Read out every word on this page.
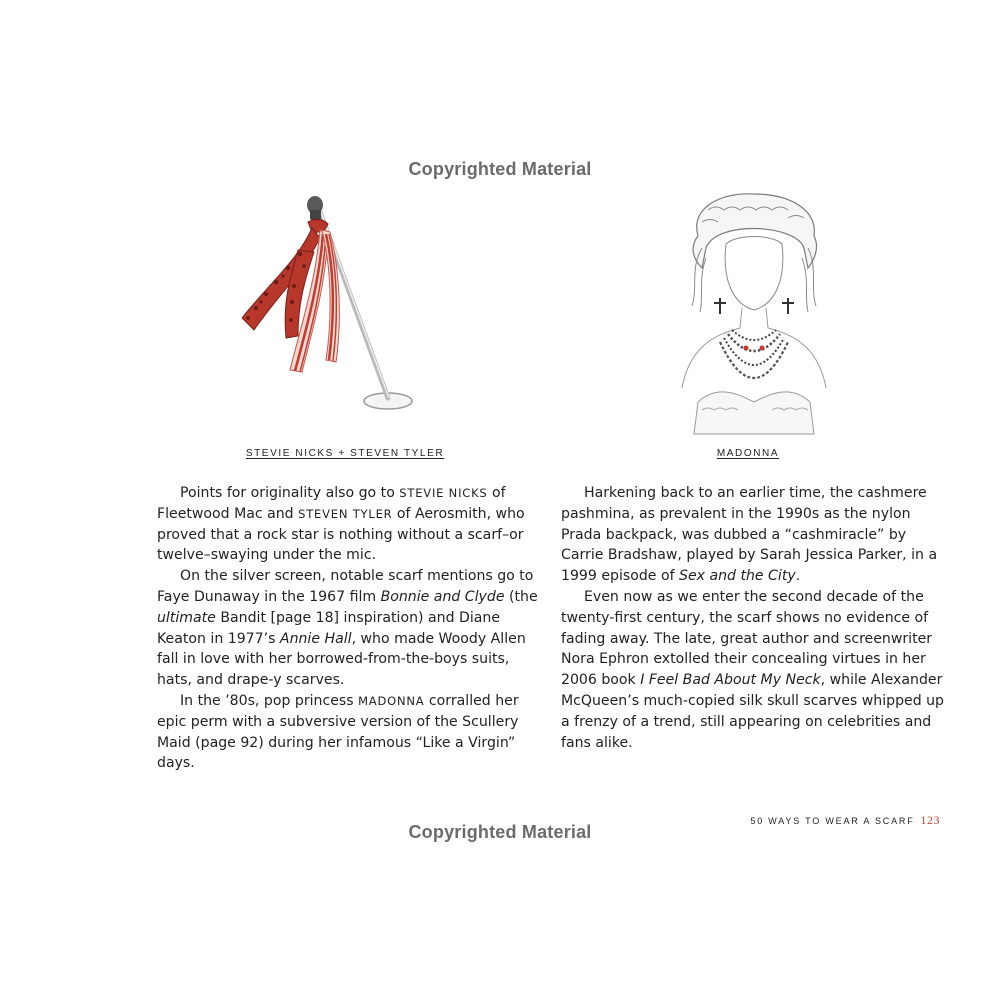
Copyrighted Material
STEVIE NICKS + STEVEN TYLER	MADONNA

Points for originality also go to STEVIE NICKS of Fleetwood Mac and STEVEN TYLER of Aerosmith, who proved that a rock star is nothing without a scarf–or twelve–swaying under the mic.

On the silver screen, notable scarf mentions go to Faye Dunaway in the 1967 film Bonnie and Clyde (the ultimate Bandit [page 18] inspiration) and Diane Keaton in 1977’s Annie Hall, who made Woody Allen fall in love with her borrowed-from-the-boys suits, hats, and drape-y scarves.

In the ’80s, pop princess MADONNA corralled her epic perm with a subversive version of the Scullery Maid (page 92) during her infamous “Like a Virgin” days.

Harkening back to an earlier time, the cashmere pashmina, as prevalent in the 1990s as the nylon Prada backpack, was dubbed a “cashmiracle” by Carrie Bradshaw, played by Sarah Jessica Parker, in a 1999 episode of Sex and the City.

Even now as we enter the second decade of the twenty-first century, the scarf shows no evidence of fading away. The late, great author and screenwriter Nora Ephron extolled their concealing virtues in her 2006 book I Feel Bad About My Neck, while Alexander McQueen’s much-copied silk skull scarves whipped up a frenzy of a trend, still appearing on celebrities and fans alike.

50 WAYS TO WEAR A SCARF 123
Copyrighted Material
